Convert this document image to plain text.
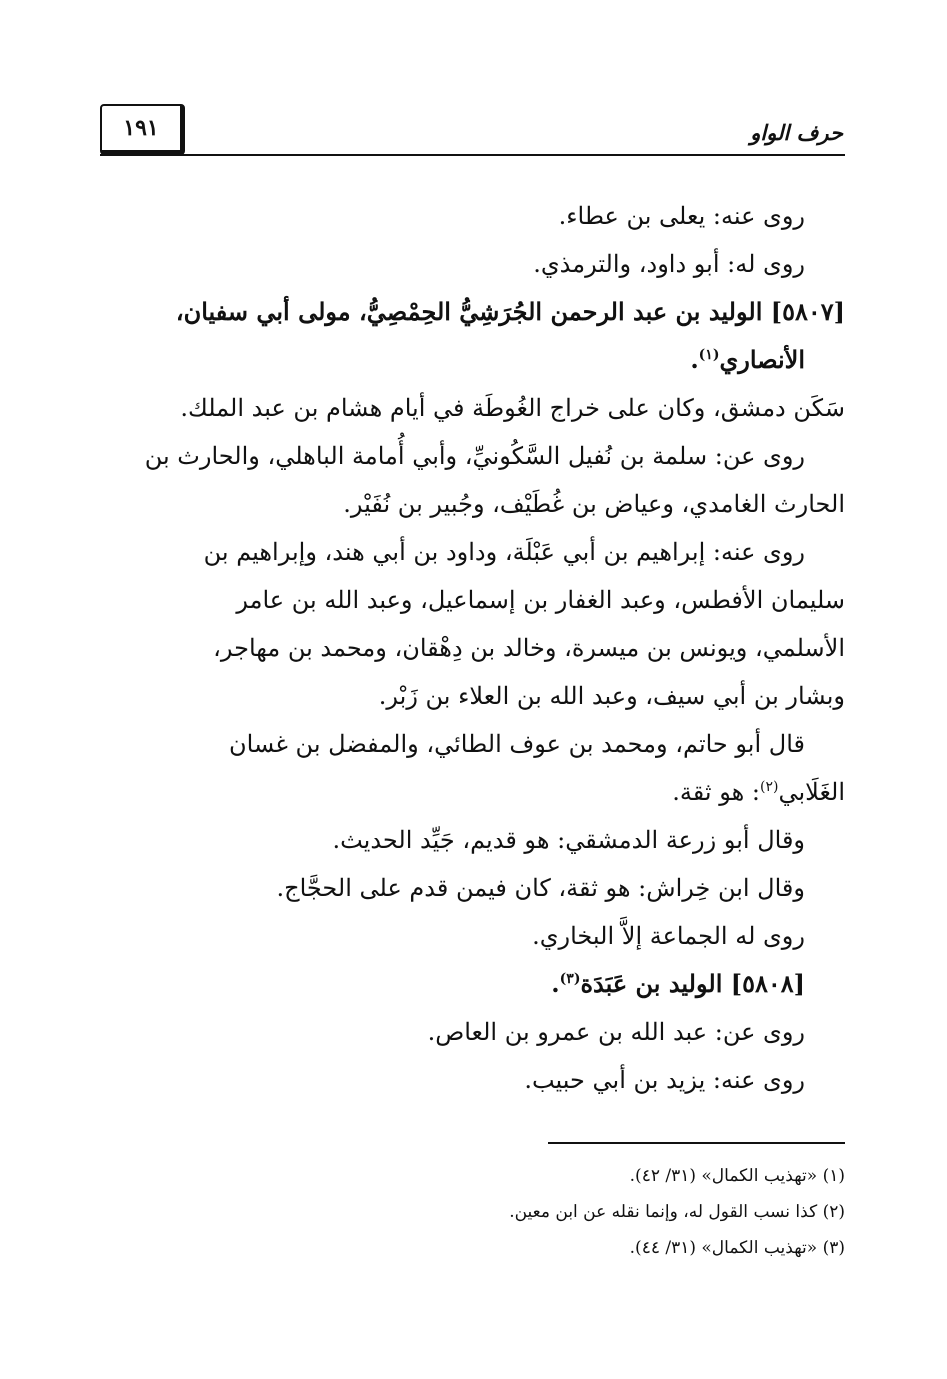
١٩١	حرف الواو

روى عنه: يعلى بن عطاء.

روى له: أبو داود، والترمذي.

[٥٨٠٧] الوليد بن عبد الرحمن الجُرَشِيُّ الحِمْصِيُّ، مولى أبي سفيان،

الأنصاري$^{(١)}$.

سَكَن دمشق، وكان على خراج الغُوطَة في أيام هشام بن عبد الملك.

روى عن: سلمة بن نُفيل السَّكُونيِّ، وأبي أُمامة الباهلي، والحارث بن

الحارث الغامدي، وعياض بن غُطَيْف، وجُبير بن نُفَيْر.

روى عنه: إبراهيم بن أبي عَبْلَة، وداود بن أبي هند، وإبراهيم بن

سليمان الأفطس، وعبد الغفار بن إسماعيل، وعبد الله بن عامر

الأسلمي، ويونس بن ميسرة، وخالد بن دِهْقان، ومحمد بن مهاجر،

وبشار بن أبي سيف، وعبد الله بن العلاء بن زَبْر.

قال أبو حاتم، ومحمد بن عوف الطائي، والمفضل بن غسان

الغَلَابي$^{(٢)}$: هو ثقة.

وقال أبو زرعة الدمشقي: هو قديم، جَيِّد الحديث.

وقال ابن خِراش: هو ثقة، كان فيمن قدم على الحجَّاج.

روى له الجماعة إلاَّ البخاري.

[٥٨٠٨] الوليد بن عَبَدَة$^{(٣)}$.

روى عن: عبد الله بن عمرو بن العاص.

روى عنه: يزيد بن أبي حبيب.

(١) «تهذيب الكمال» (٣١/ ٤٢).

(٢) كذا نسب القول له، وإنما نقله عن ابن معين.

(٣) «تهذيب الكمال» (٣١/ ٤٤).
